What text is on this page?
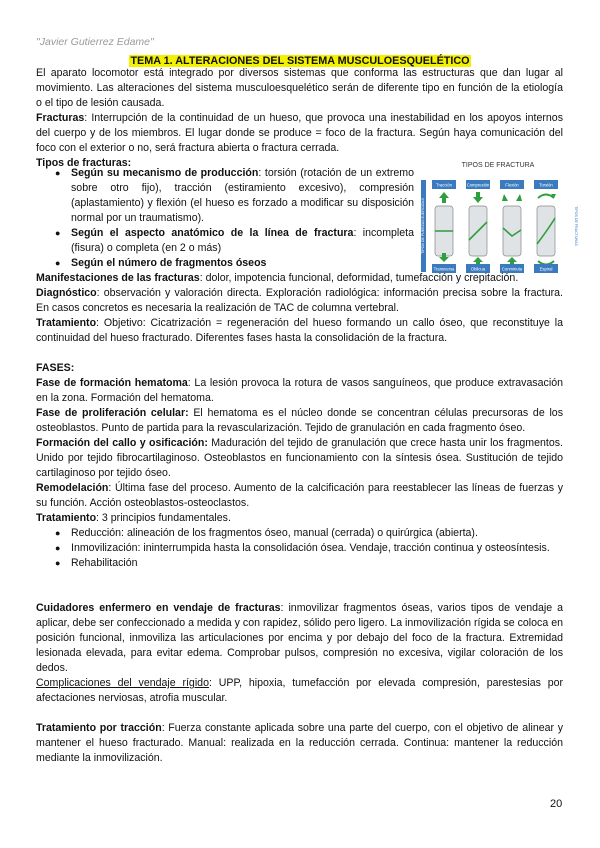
"Javier Gutierrez Edame"
TEMA 1. ALTERACIONES DEL SISTEMA MUSCULOESQUELÉTICO

El aparato locomotor está integrado por diversos sistemas que conforma las estructuras que dan lugar al movimiento. Las alteraciones del sistema musculoesquelético serán de diferente tipo en función de la etiología o el tipo de lesión causada.

Fracturas: Interrupción de la continuidad de un hueso, que provoca una inestabilidad en los apoyos internos del cuerpo y de los miembros. El lugar donde se produce = foco de la fractura. Según haya comunicación del foco con el exterior o no, será fractura abierta o fractura cerrada.

Tipos de fracturas:

● Según su mecanismo de producción: torsión (rotación de un extremo sobre otro fijo), tracción (estiramiento excesivo), compresión (aplastamiento) y flexión (el hueso es forzado a modificar su disposición normal por un traumatismo).
● Según el aspecto anatómico de la línea de fractura: incompleta (fisura) o completa (en 2 o más)
● Según el número de fragmentos óseos
TIPOS DE FRACTURA
TIPOS DE FUERZAS EJERCIDAS	TIPOS DE FRACTURAS
Tracción
Transversa
Compresión
Oblicua
Flexión
Conminuta
Torsión
Espiral

Manifestaciones de las fracturas: dolor, impotencia funcional, deformidad, tumefacción y crepitación.

Diagnóstico: observación y valoración directa. Exploración radiológica: información precisa sobre la fractura. En casos concretos es necesaria la realización de TAC de columna vertebral.

Tratamiento: Objetivo: Cicatrización = regeneración del hueso formando un callo óseo, que reconstituye la continuidad del hueso fracturado. Diferentes fases hasta la consolidación de la fractura.

FASES:

Fase de formación hematoma: La lesión provoca la rotura de vasos sanguíneos, que produce extravasación en la zona. Formación del hematoma.

Fase de proliferación celular: El hematoma es el núcleo donde se concentran células precursoras de los osteoblastos. Punto de partida para la revascularización. Tejido de granulación en cada fragmento óseo.

Formación del callo y osificación: Maduración del tejido de granulación que crece hasta unir los fragmentos. Unido por tejido fibrocartilaginoso. Osteoblastos en funcionamiento con la síntesis ósea. Sustitución de tejido cartilaginoso por tejido óseo.

Remodelación: Última fase del proceso. Aumento de la calcificación para reestablecer las líneas de fuerzas y su función. Acción osteoblastos-osteoclastos.

Tratamiento: 3 principios fundamentales.

● Reducción: alineación de los fragmentos óseo, manual (cerrada) o quirúrgica (abierta).
● Inmovilización: ininterrumpida hasta la consolidación ósea. Vendaje, tracción continua y osteosíntesis.
● Rehabilitación

Cuidadores enfermero en vendaje de fracturas: inmovilizar fragmentos óseas, varios tipos de vendaje a aplicar, debe ser confeccionado a medida y con rapidez, sólido pero ligero. La inmovilización rígida se coloca en posición funcional, inmoviliza las articulaciones por encima y por debajo del foco de la fractura. Extremidad lesionada elevada, para evitar edema. Comprobar pulsos, compresión no excesiva, vigilar coloración de los dedos.

Complicaciones del vendaje rígido: UPP, hipoxia, tumefacción por elevada compresión, parestesias por afectaciones nerviosas, atrofia muscular.

Tratamiento por tracción: Fuerza constante aplicada sobre una parte del cuerpo, con el objetivo de alinear y mantener el hueso fracturado. Manual: realizada en la reducción cerrada. Continua: mantener la reducción mediante la inmovilización.

20
